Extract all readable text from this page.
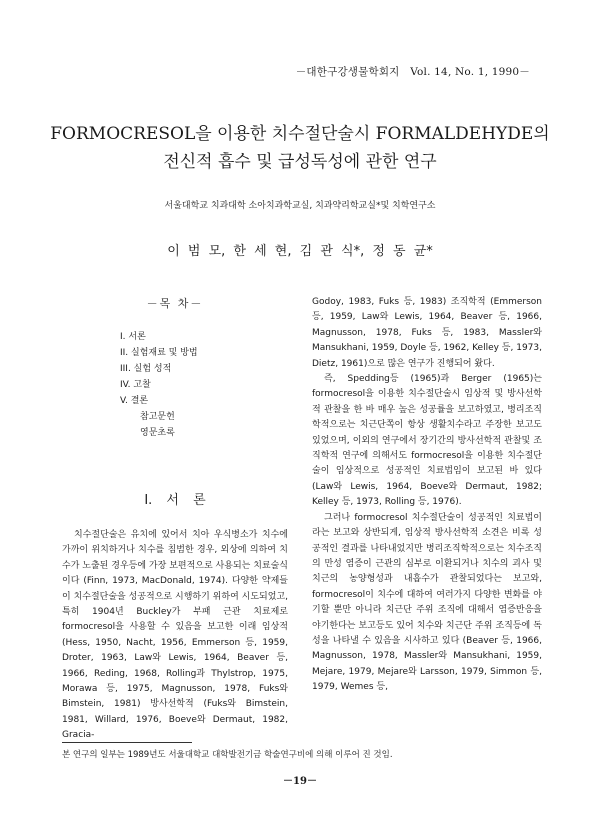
－대한구강생물학회지　Vol. 14, No. 1, 1990－
FORMOCRESOL을 이용한 치수절단술시 FORMALDEHYDE의
전신적 흡수 및 급성독성에 관한 연구
서울대학교 치과대학 소아치과학교실, 치과약리학교실*및 치학연구소
이 범 모, 한 세 현, 김 관 식*, 정 동 균*
－목 차－
I. 서론
II. 실험재료 및 방법
III. 실험 성적
IV. 고찰
V. 결론
참고문헌
영문초록
I. 서 론

치수절단술은 유치에 있어서 치아 우식병소가 치수에 가까이 위치하거나 치수를 침범한 경우, 외상에 의하여 치수가 노출된 경우등에 가장 보편적으로 사용되는 치료술식이다 (Finn, 1973, MacDonald, 1974). 다양한 약제들이 치수절단술을 성공적으로 시행하기 위하여 시도되었고, 특히 1904년 Buckley가 부패 근관 치료제로 formocresol을 사용할 수 있음을 보고한 이래 임상적 (Hess, 1950, Nacht, 1956, Emmerson 등, 1959, Droter, 1963, Law와 Lewis, 1964, Beaver 등, 1966, Reding, 1968, Rolling과 Thylstrop, 1975, Morawa 등, 1975, Magnusson, 1978, Fuks와 Bimstein, 1981) 방사선학적 (Fuks와 Bimstein, 1981, Willard, 1976, Boeve와 Dermaut, 1982, Gracia-

Godoy, 1983, Fuks 등, 1983) 조직학적 (Emmerson 등, 1959, Law와 Lewis, 1964, Beaver 등, 1966, Magnusson, 1978, Fuks 등, 1983, Massler와 Mansukhani, 1959, Doyle 등, 1962, Kelley 등, 1973, Dietz, 1961)으로 많은 연구가 진행되어 왔다.

즉, Spedding등 (1965)과 Berger (1965)는 formocresol을 이용한 치수절단술시 임상적 및 방사선학적 관찰을 한 바 매우 높은 성공률을 보고하였고, 병리조직학적으로는 치근단쪽이 항상 생활치수라고 주장한 보고도 있었으며, 이외의 연구에서 장기간의 방사선학적 관찰및 조직학적 연구에 의해서도 formocresol을 이용한 치수절단술이 임상적으로 성공적인 치료법임이 보고된 바 있다 (Law와 Lewis, 1964, Boeve와 Dermaut, 1982; Kelley 등, 1973, Rolling 등, 1976).

그러나 formocresol 치수절단술이 성공적인 치료법이라는 보고와 상반되게, 임상적 방사선학적 소견은 비록 성공적인 결과를 나타내었지만 병리조직학적으로는 치수조직의 만성 염증이 근관의 심부로 이환되거나 치수의 괴사 및 치근의 농양형성과 내흡수가 관찰되었다는 보고와, formocresol이 치수에 대하여 여러가지 다양한 변화를 야기할 뿐만 아니라 치근단 주위 조직에 대해서 염증반응을 야기한다는 보고등도 있어 치수와 치근단 주위 조직등에 독성을 나타낼 수 있음을 시사하고 있다 (Beaver 등, 1966, Magnusson, 1978, Massler와 Mansukhani, 1959, Mejare, 1979, Mejare와 Larsson, 1979, Simmon 등, 1979, Wemes 등,

본 연구의 일부는 1989년도 서울대학교 대학발전기금 학술연구비에 의해 이루어 진 것임.
－19－
